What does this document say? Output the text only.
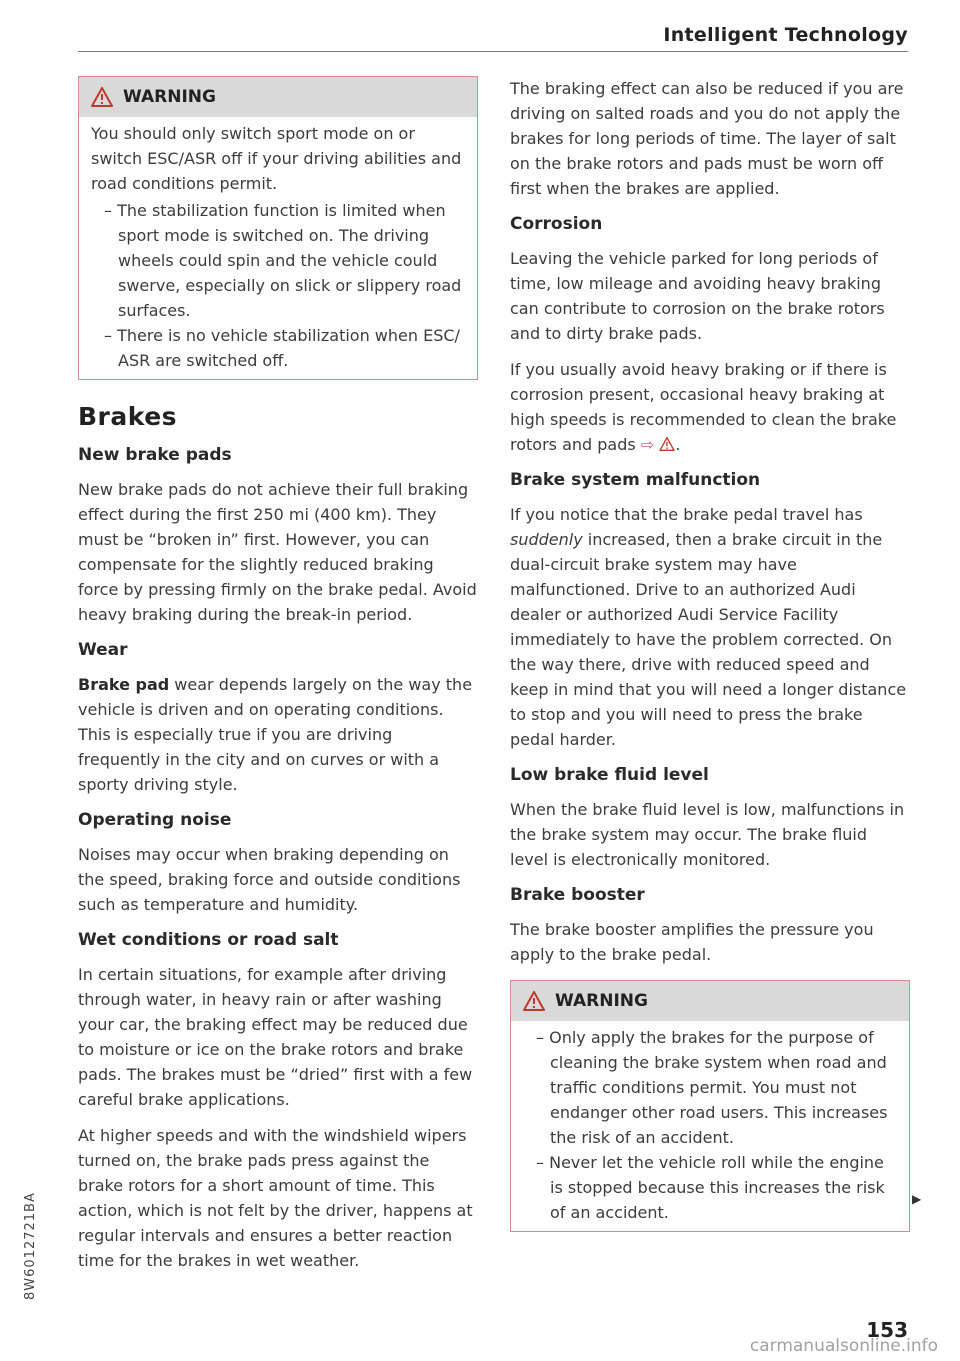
Intelligent Technology
WARNING

You should only switch sport mode on or switch ESC/ASR off if your driving abilities and road conditions permit.

– The stabilization function is limited when sport mode is switched on. The driving wheels could spin and the vehicle could swerve, especially on slick or slippery road surfaces.
– There is no vehicle stabilization when ESC/ ASR are switched off.
Brakes
New brake pads

New brake pads do not achieve their full braking effect during the first 250 mi (400 km). They must be “broken in” first. However, you can compensate for the slightly reduced braking force by pressing firmly on the brake pedal. Avoid heavy braking during the break-in period.

Wear

Brake pad wear depends largely on the way the vehicle is driven and on operating conditions. This is especially true if you are driving frequently in the city and on curves or with a sporty driving style.

Operating noise

Noises may occur when braking depending on the speed, braking force and outside conditions such as temperature and humidity.

Wet conditions or road salt

In certain situations, for example after driving through water, in heavy rain or after washing your car, the braking effect may be reduced due to moisture or ice on the brake rotors and brake pads. The brakes must be “dried” first with a few careful brake applications.

At higher speeds and with the windshield wipers turned on, the brake pads press against the brake rotors for a short amount of time. This action, which is not felt by the driver, happens at regular intervals and ensures a better reaction time for the brakes in wet weather.

The braking effect can also be reduced if you are driving on salted roads and you do not apply the brakes for long periods of time. The layer of salt on the brake rotors and pads must be worn off first when the brakes are applied.

Corrosion

Leaving the vehicle parked for long periods of time, low mileage and avoiding heavy braking can contribute to corrosion on the brake rotors and to dirty brake pads.

If you usually avoid heavy braking or if there is corrosion present, occasional heavy braking at high speeds is recommended to clean the brake rotors and pads ⇨ .

Brake system malfunction

If you notice that the brake pedal travel has suddenly increased, then a brake circuit in the dual-circuit brake system may have malfunctioned. Drive to an authorized Audi dealer or authorized Audi Service Facility immediately to have the problem corrected. On the way there, drive with reduced speed and keep in mind that you will need a longer distance to stop and you will need to press the brake pedal harder.

Low brake fluid level

When the brake fluid level is low, malfunctions in the brake system may occur. The brake fluid level is electronically monitored.

Brake booster

The brake booster amplifies the pressure you apply to the brake pedal.

WARNING
– Only apply the brakes for the purpose of cleaning the brake system when road and traffic conditions permit. You must not endanger other road users. This increases the risk of an accident.
– Never let the vehicle roll while the engine is stopped because this increases the risk of an accident.
▶
8W6012721BA
153
carmanualsonline.info
